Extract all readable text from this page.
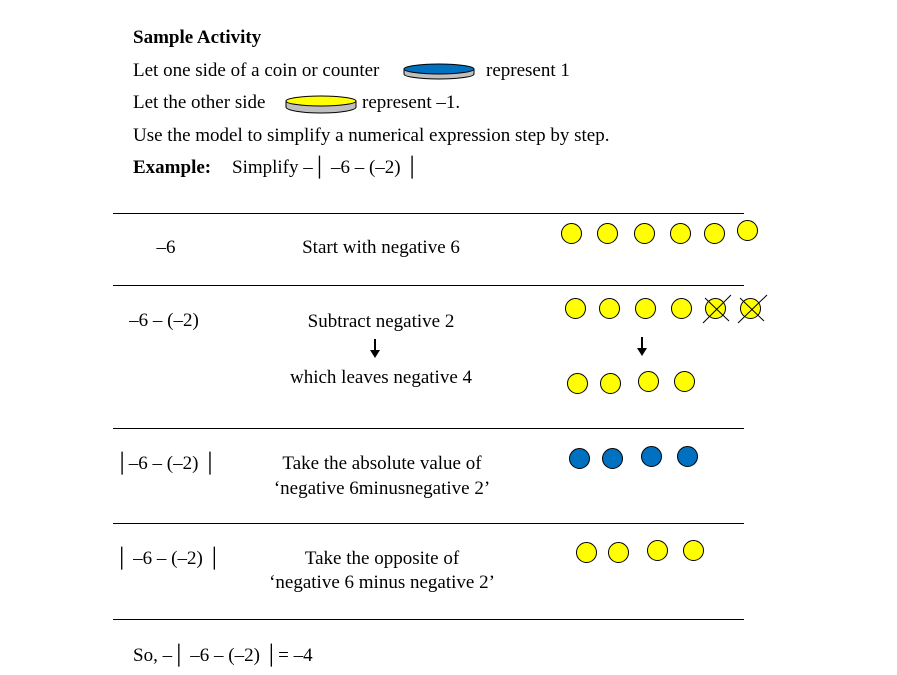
Sample Activity
Let one side of a coin or counter	represent 1
Let the other side	represent –1.
Use the model to simplify a numerical expression step by step.
Example: Simplify –│ –6 – (–2) │
–6	Start with negative 6
–6 – (–2)	Subtract negative 2
which leaves negative 4
│–6 – (–2) │	Take the absolute value of
‘negative 6minusnegative 2’
│ –6 – (–2) │	Take the opposite of
‘negative 6 minus negative 2’
So, –│ –6 – (–2) │= –4
